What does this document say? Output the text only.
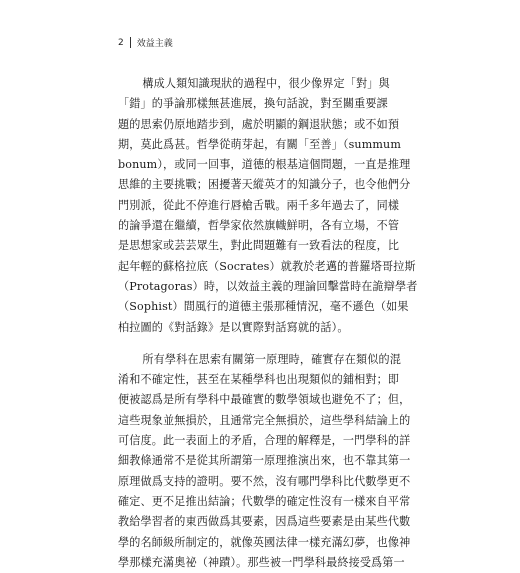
2 效益主義

構成人類知識現狀的過程中，很少像界定「對」與

「錯」的爭論那樣無甚進展，換句話說，對至關重要課

題的思索仍原地踏步到，處於明顯的鋼退狀態；或不如預

期，莫此爲甚。哲學從萌芽起，有關「至善」（summum

bonum），或同一回事，道德的根基這個問題，一直是推理

思維的主要挑戰；困擾著天縱英才的知識分子，也令他們分

門別派，從此不停進行唇槍舌戰。兩千多年過去了，同樣

的論爭還在繼續，哲學家依然旗幟鮮明，各有立場，不管

是思想家或芸芸眾生，對此問題難有一致看法的程度，比

起年輕的蘇格拉底（Socrates）就教於老邁的普羅塔哥拉斯

（Protagoras）時，以效益主義的理論回擊當時在詭辯學者

（Sophist）間風行的道德主張那種情況，毫不遜色（如果

柏拉圖的《對話錄》是以實際對話寫就的話）。

所有學科在思索有關第一原理時，確實存在類似的混

淆和不確定性，甚至在某種學科也出現類似的鋪相對；即

便被認爲是所有學科中最確實的數學領域也避免不了；但，

這些現象並無損於，且通常完全無損於，這些學科結論上的

可信度。此一表面上的矛盾，合理的解釋是，一門學科的詳

細教條通常不是從其所謂第一原理推演出來，也不靠其第一

原理做爲支持的證明。要不然，沒有哪門學科比代數學更不

確定、更不足推出結論；代數學的確定性沒有一樣來自平常

教給學習者的東西做爲其要素，因爲這些要素是由某些代數

學的名師級所制定的，就像英國法律一樣充滿幻夢，也像神

學那樣充滿奧祕（神蹟）。那些被一門學科最終接受爲第一
